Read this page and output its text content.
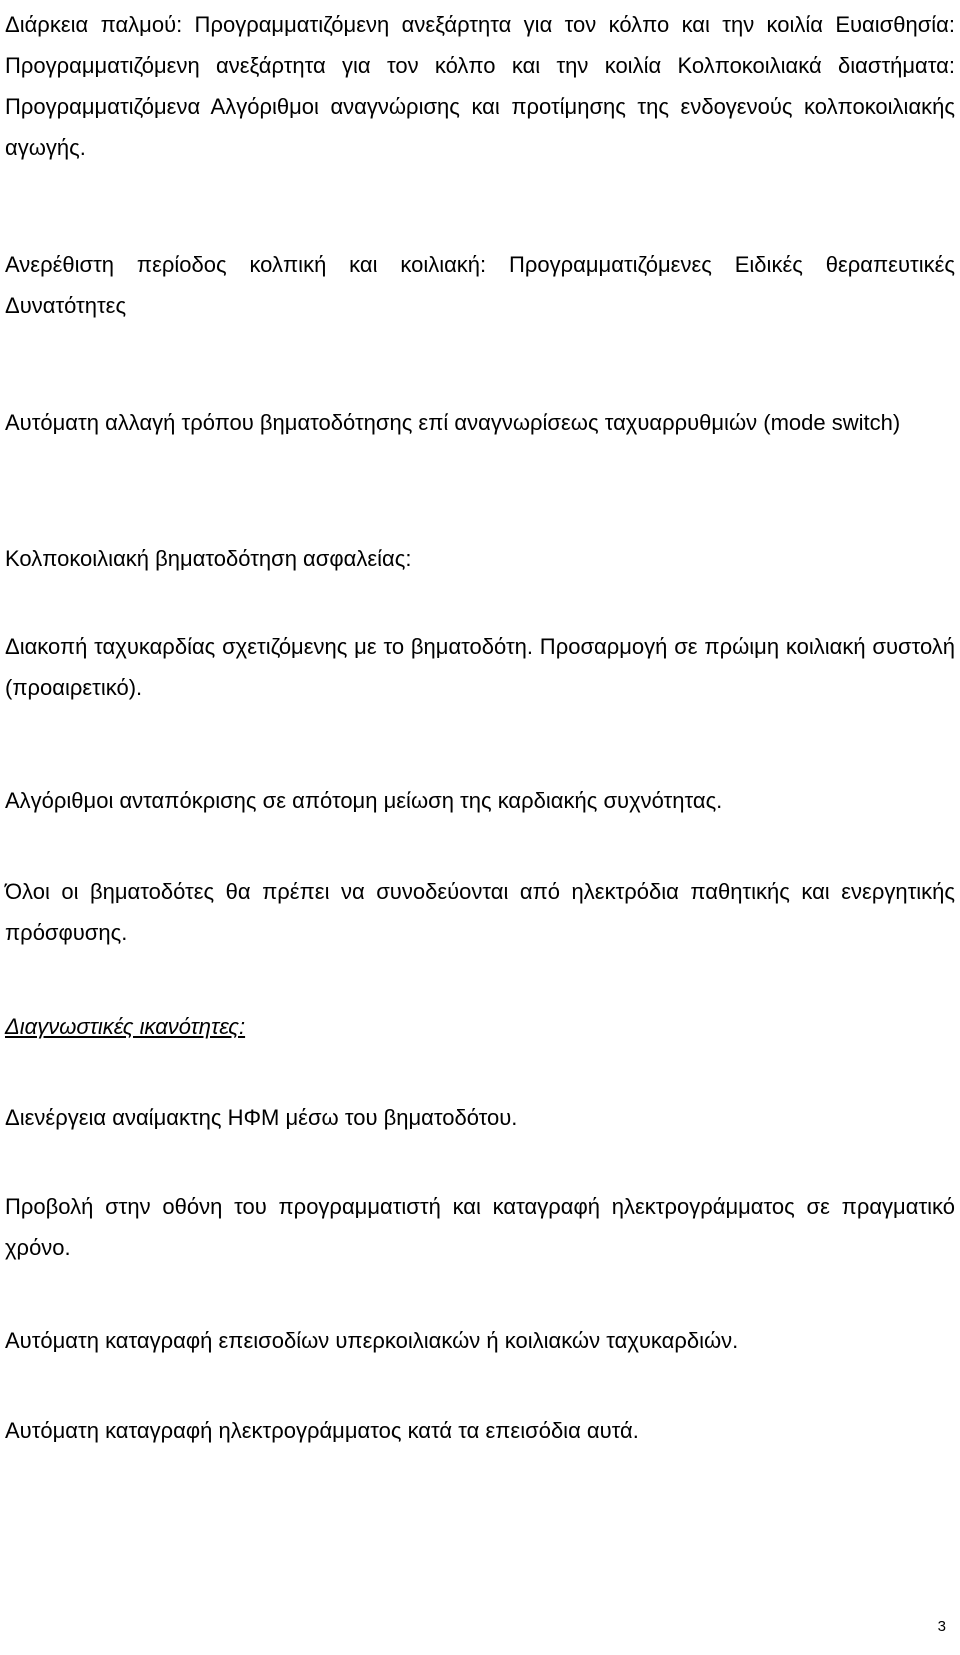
Διάρκεια παλμού: Προγραμματιζόμενη ανεξάρτητα για τον κόλπο και την κοιλία Ευαισθησία: Προγραμματιζόμενη ανεξάρτητα για τον κόλπο και την κοιλία Κολποκοιλιακά διαστήματα: Προγραμματιζόμενα Αλγόριθμοι αναγνώρισης και προτίμησης της ενδογενούς κολποκοιλιακής αγωγής.

Ανερέθιστη περίοδος κολπική και κοιλιακή: Προγραμματιζόμενες Ειδικές θεραπευτικές Δυνατότητες

Αυτόματη αλλαγή τρόπου βηματοδότησης επί αναγνωρίσεως ταχυαρρυθμιών (mode switch)

Κολποκοιλιακή βηματοδότηση ασφαλείας:

Διακοπή ταχυκαρδίας σχετιζόμενης με το βηματοδότη. Προσαρμογή σε πρώιμη κοιλιακή συστολή (προαιρετικό).

Αλγόριθμοι ανταπόκρισης σε απότομη μείωση της καρδιακής συχνότητας.

Όλοι οι βηματοδότες θα πρέπει να συνοδεύονται από ηλεκτρόδια παθητικής και ενεργητικής πρόσφυσης.

Διαγνωστικές ικανότητες:

Διενέργεια αναίμακτης ΗΦΜ μέσω του βηματοδότου.

Προβολή στην οθόνη του προγραμματιστή και καταγραφή ηλεκτρογράμματος σε πραγματικό χρόνο.

Αυτόματη καταγραφή επεισοδίων υπερκοιλιακών ή κοιλιακών ταχυκαρδιών.

Αυτόματη καταγραφή ηλεκτρογράμματος κατά τα επεισόδια αυτά.

3
